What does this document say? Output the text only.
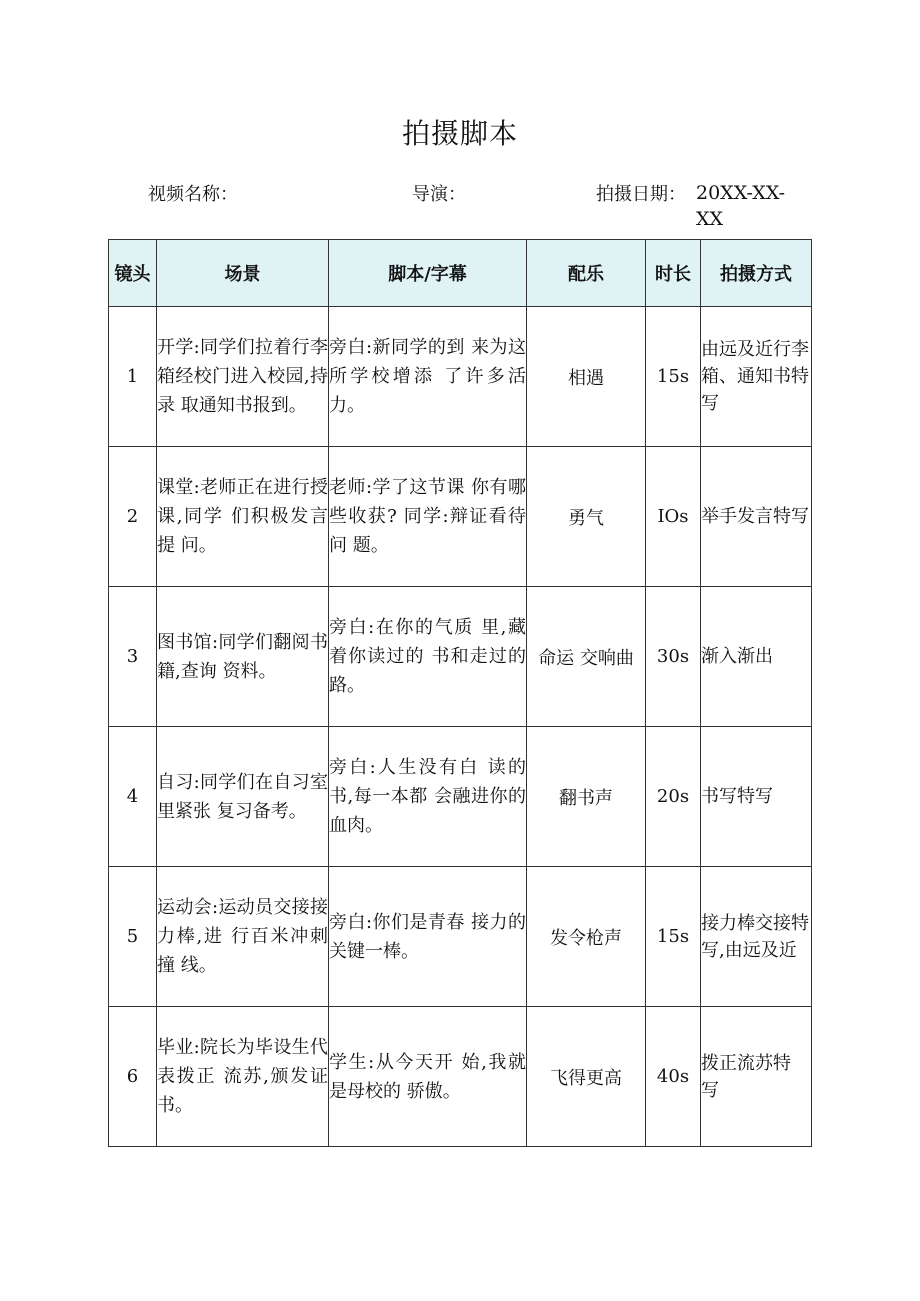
拍摄脚本
视频名称：	导演：	拍摄日期： 20XX-XX-XX
镜头	场景	脚本/字幕	配乐	时长	拍摄方式
1	开学:同学们拉着行李箱经校门进入校园,持录 取通知书报到。	旁白:新同学的到 来为这所学校增添 了许多活力。	相遇	15s	由远及近行李箱、通知书特写

2	课堂:老师正在进行授课,同学 们积极发言提 问。	老师:学了这节课 你有哪些收获? 同学:辩证看待问 题。	勇气	IOs	举手发言特写

3	图书馆:同学们翻阅书籍,查询 资料。	旁白:在你的气质 里,藏着你读过的 书和走过的路。	命运 交响曲	30s	渐入渐出

4	自习:同学们在自习室里紧张 复习备考。	旁白:人生没有白 读的书,每一本都 会融进你的血肉。	翻书声	20s	书写特写

5	运动会:运动员交接接力棒,进 行百米冲刺撞 线。	旁白:你们是青春 接力的关键一棒。	发令枪声	15s	接力棒交接特写,由远及近

6	毕业:院长为毕设生代表拨正 流苏,颁发证 书。	学生:从今天开 始,我就是母校的 骄傲。	飞得更高	40s	拨正流苏特 写
